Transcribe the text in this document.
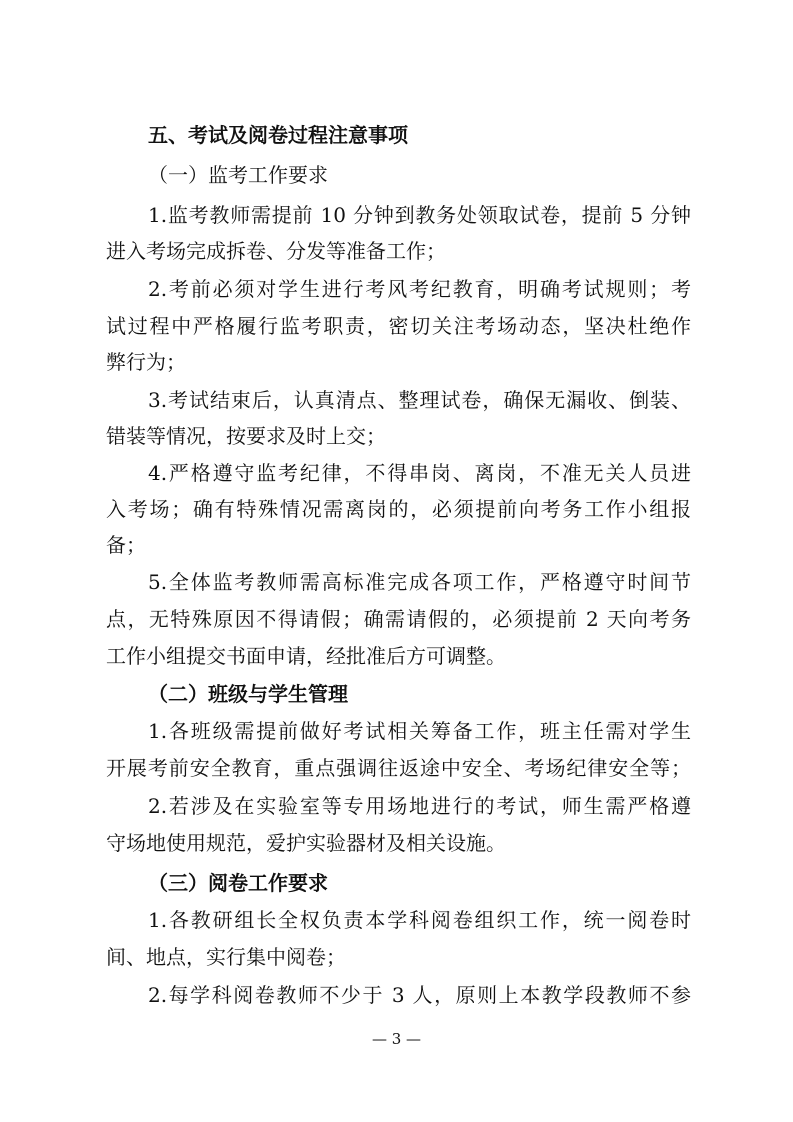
五、考试及阅卷过程注意事项
（一）监考工作要求
1.监考教师需提前 10 分钟到教务处领取试卷，提前 5 分钟
进入考场完成拆卷、分发等准备工作；
2.考前必须对学生进行考风考纪教育，明确考试规则；考
试过程中严格履行监考职责，密切关注考场动态，坚决杜绝作
弊行为；
3.考试结束后，认真清点、整理试卷，确保无漏收、倒装、
错装等情况，按要求及时上交；
4.严格遵守监考纪律，不得串岗、离岗，不准无关人员进
入考场；确有特殊情况需离岗的，必须提前向考务工作小组报
备；
5.全体监考教师需高标准完成各项工作，严格遵守时间节
点，无特殊原因不得请假；确需请假的，必须提前 2 天向考务
工作小组提交书面申请，经批准后方可调整。
（二）班级与学生管理
1.各班级需提前做好考试相关筹备工作，班主任需对学生
开展考前安全教育，重点强调往返途中安全、考场纪律安全等；
2.若涉及在实验室等专用场地进行的考试，师生需严格遵
守场地使用规范，爱护实验器材及相关设施。
（三）阅卷工作要求
1.各教研组长全权负责本学科阅卷组织工作，统一阅卷时
间、地点，实行集中阅卷；
2.每学科阅卷教师不少于 3 人，原则上本教学段教师不参
— 3 —
